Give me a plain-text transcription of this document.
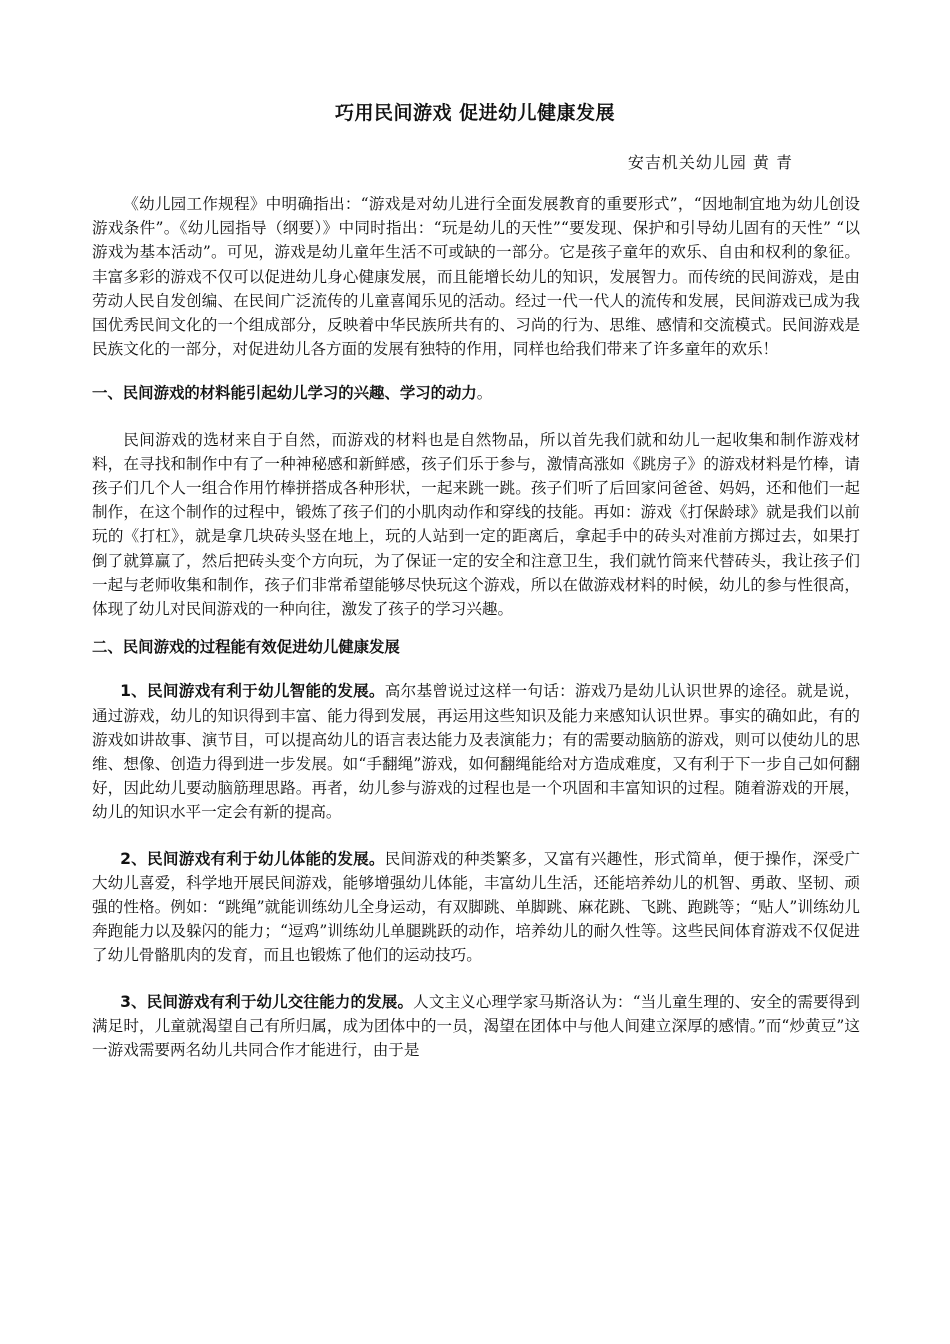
巧用民间游戏 促进幼儿健康发展
安吉机关幼儿园 黄 青

《幼儿园工作规程》中明确指出：“游戏是对幼儿进行全面发展教育的重要形式”，“因地制宜地为幼儿创设游戏条件”。《幼儿园指导（纲要）》中同时指出：“玩是幼儿的天性”“要发现、保护和引导幼儿固有的天性” “以游戏为基本活动”。可见，游戏是幼儿童年生活不可或缺的一部分。它是孩子童年的欢乐、自由和权利的象征。丰富多彩的游戏不仅可以促进幼儿身心健康发展，而且能增长幼儿的知识，发展智力。而传统的民间游戏，是由劳动人民自发创编、在民间广泛流传的儿童喜闻乐见的活动。经过一代一代人的流传和发展，民间游戏已成为我国优秀民间文化的一个组成部分，反映着中华民族所共有的、习尚的行为、思维、感情和交流模式。民间游戏是民族文化的一部分，对促进幼儿各方面的发展有独特的作用，同样也给我们带来了许多童年的欢乐！

一、民间游戏的材料能引起幼儿学习的兴趣、学习的动力。

民间游戏的选材来自于自然，而游戏的材料也是自然物品，所以首先我们就和幼儿一起收集和制作游戏材料，在寻找和制作中有了一种神秘感和新鲜感，孩子们乐于参与，激情高涨如《跳房子》的游戏材料是竹棒，请孩子们几个人一组合作用竹棒拼搭成各种形状，一起来跳一跳。孩子们听了后回家问爸爸、妈妈，还和他们一起制作，在这个制作的过程中，锻炼了孩子们的小肌肉动作和穿线的技能。再如：游戏《打保龄球》就是我们以前玩的《打杠》，就是拿几块砖头竖在地上，玩的人站到一定的距离后，拿起手中的砖头对准前方掷过去，如果打倒了就算赢了，然后把砖头变个方向玩，为了保证一定的安全和注意卫生，我们就竹筒来代替砖头，我让孩子们一起与老师收集和制作，孩子们非常希望能够尽快玩这个游戏，所以在做游戏材料的时候，幼儿的参与性很高，体现了幼儿对民间游戏的一种向往，激发了孩子的学习兴趣。

二、民间游戏的过程能有效促进幼儿健康发展

1、民间游戏有利于幼儿智能的发展。高尔基曾说过这样一句话：游戏乃是幼儿认识世界的途径。就是说，通过游戏，幼儿的知识得到丰富、能力得到发展，再运用这些知识及能力来感知认识世界。事实的确如此，有的游戏如讲故事、演节目，可以提高幼儿的语言表达能力及表演能力；有的需要动脑筋的游戏，则可以使幼儿的思维、想像、创造力得到进一步发展。如“手翻绳”游戏，如何翻绳能给对方造成难度，又有利于下一步自己如何翻好，因此幼儿要动脑筋理思路。再者，幼儿参与游戏的过程也是一个巩固和丰富知识的过程。随着游戏的开展，幼儿的知识水平一定会有新的提高。

2、民间游戏有利于幼儿体能的发展。民间游戏的种类繁多，又富有兴趣性，形式简单，便于操作，深受广大幼儿喜爱，科学地开展民间游戏，能够增强幼儿体能，丰富幼儿生活，还能培养幼儿的机智、勇敢、坚韧、顽强的性格。例如：“跳绳”就能训练幼儿全身运动，有双脚跳、单脚跳、麻花跳、飞跳、跑跳等；“贴人”训练幼儿奔跑能力以及躲闪的能力；“逗鸡”训练幼儿单腿跳跃的动作，培养幼儿的耐久性等。这些民间体育游戏不仅促进了幼儿骨骼肌肉的发育，而且也锻炼了他们的运动技巧。

3、民间游戏有利于幼儿交往能力的发展。人文主义心理学家马斯洛认为：“当儿童生理的、安全的需要得到满足时，儿童就渴望自己有所归属，成为团体中的一员，渴望在团体中与他人间建立深厚的感情。”而“炒黄豆”这一游戏需要两名幼儿共同合作才能进行，由于是
